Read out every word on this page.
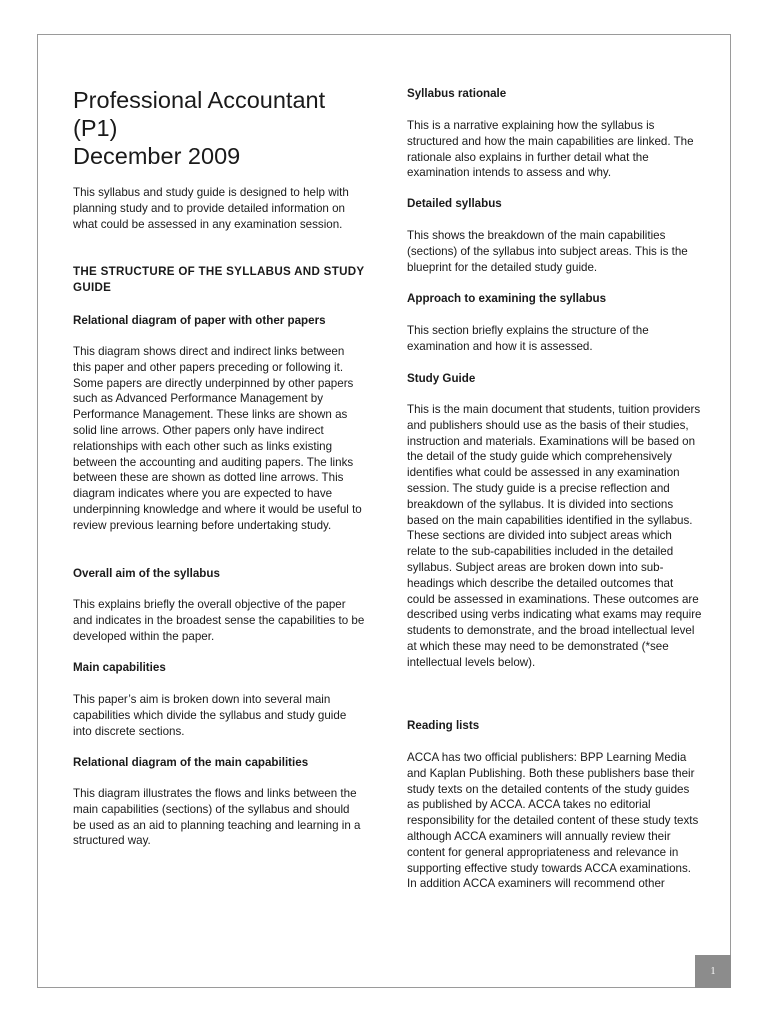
Professional Accountant
(P1)
December 2009

This syllabus and study guide is designed to help with planning study and to provide detailed information on what could be assessed in any examination session.

THE STRUCTURE OF THE SYLLABUS AND STUDY GUIDE

Relational diagram of paper with other papers

This diagram shows direct and indirect links between this paper and other papers preceding or following it. Some papers are directly underpinned by other papers such as Advanced Performance Management by Performance Management. These links are shown as solid line arrows. Other papers only have indirect relationships with each other such as links existing between the accounting and auditing papers. The links between these are shown as dotted line arrows. This diagram indicates where you are expected to have underpinning knowledge and where it would be useful to review previous learning before undertaking study.

Overall aim of the syllabus

This explains briefly the overall objective of the paper and indicates in the broadest sense the capabilities to be developed within the paper.

Main capabilities

This paper’s aim is broken down into several main capabilities which divide the syllabus and study guide into discrete sections.

Relational diagram of the main capabilities

This diagram illustrates the flows and links between the main capabilities (sections) of the syllabus and should be used as an aid to planning teaching and learning in a structured way.

Syllabus rationale

This is a narrative explaining how the syllabus is structured and how the main capabilities are linked. The rationale also explains in further detail what the examination intends to assess and why.

Detailed syllabus

This shows the breakdown of the main capabilities (sections) of the syllabus into subject areas. This is the blueprint for the detailed study guide.

Approach to examining the syllabus

This section briefly explains the structure of the examination and how it is assessed.

Study Guide

This is the main document that students, tuition providers and publishers should use as the basis of their studies, instruction and materials. Examinations will be based on the detail of the study guide which comprehensively identifies what could be assessed in any examination session. The study guide is a precise reflection and breakdown of the syllabus. It is divided into sections based on the main capabilities identified in the syllabus. These sections are divided into subject areas which relate to the sub-capabilities included in the detailed syllabus. Subject areas are broken down into sub-headings which describe the detailed outcomes that could be assessed in examinations. These outcomes are described using verbs indicating what exams may require students to demonstrate, and the broad intellectual level at which these may need to be demonstrated (*see intellectual levels below).

Reading lists

ACCA has two official publishers: BPP Learning Media and Kaplan Publishing. Both these publishers base their study texts on the detailed contents of the study guides as published by ACCA. ACCA takes no editorial responsibility for the detailed content of these study texts although ACCA examiners will annually review their content for general appropriateness and relevance in supporting effective study towards ACCA examinations. In addition ACCA examiners will recommend other

1
